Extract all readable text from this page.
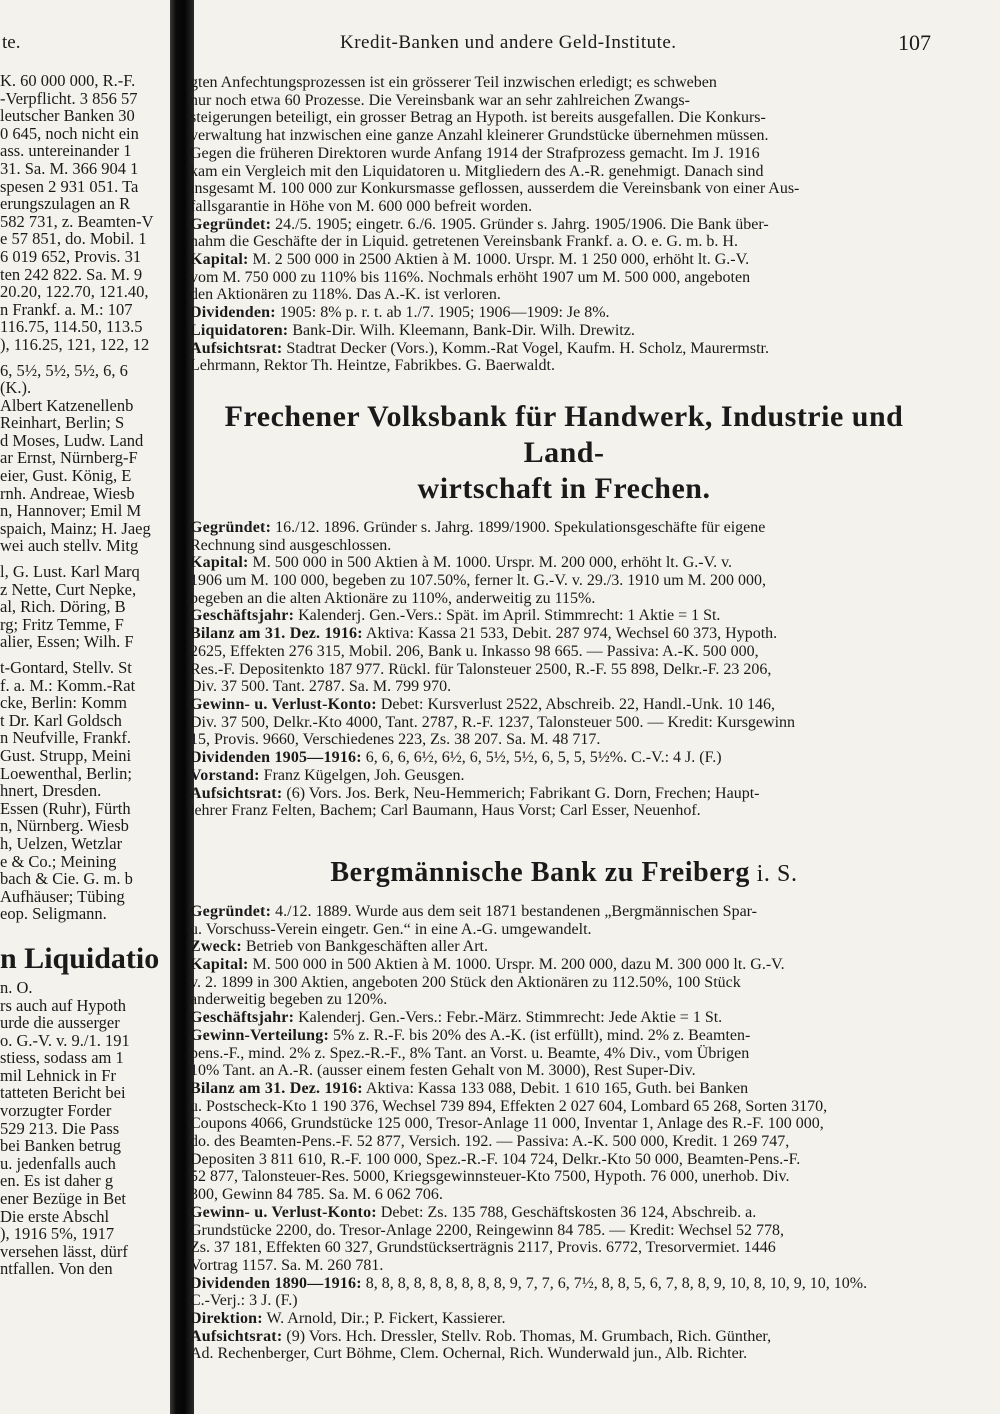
te.	Kredit-Banken und andere Geld-Institute.	107
K. 60 000 000, R.-F.
-Verpflicht. 3 856 57
leutscher Banken 30
0 645, noch nicht ein
ass. untereinander 1
31. Sa. M. 366 904 1
spesen 2 931 051. Ta
erungszulagen an R
582 731, z. Beamten-V
e 57 851, do. Mobil. 1
6 019 652, Provis. 31
ten 242 822. Sa. M. 9
20.20, 122.70, 121.40,
n Frankf. a. M.: 107
116.75, 114.50, 113.5
), 116.25, 121, 122, 12
6, 5½, 5½, 5½, 6, 6
(K.).
Albert Katzenellenb
Reinhart, Berlin; S
d Moses, Ludw. Land
ar Ernst, Nürnberg-F
eier, Gust. König, E
rnh. Andreae, Wiesb
n, Hannover; Emil M
spaich, Mainz; H. Jaeg
wei auch stellv. Mitg
l, G. Lust. Karl Marq
z Nette, Curt Nepke,
al, Rich. Döring, B
rg; Fritz Temme, F
alier, Essen; Wilh. F
t-Gontard, Stellv. St
f. a. M.: Komm.-Rat
cke, Berlin: Komm
t Dr. Karl Goldsch
n Neufville, Frankf.
Gust. Strupp, Meini
Loewenthal, Berlin;
hnert, Dresden.
Essen (Ruhr), Fürth
n, Nürnberg. Wiesb
h, Uelzen, Wetzlar
e & Co.; Meining
bach & Cie. G. m. b
Aufhäuser; Tübing
eop. Seligmann.
n Liquidatio
n. O.
rs auch auf Hypoth
urde die ausserger
o. G.-V. v. 9./1. 191
stiess, sodass am 1
mil Lehnick in Fr
tatteten Bericht bei
vorzugter Forder
529 213. Die Pass
bei Banken betrug
u. jedenfalls auch
en. Es ist daher g
ener Bezüge in Bet
Die erste Abschl
), 1916 5%, 1917
versehen lässt, dürf
ntfallen. Von den

gten Anfechtungsprozessen ist ein grösserer Teil inzwischen erledigt; es schweben
nur noch etwa 60 Prozesse. Die Vereinsbank war an sehr zahlreichen Zwangs-
steigerungen beteiligt, ein grosser Betrag an Hypoth. ist bereits ausgefallen. Die Konkurs-
verwaltung hat inzwischen eine ganze Anzahl kleinerer Grundstücke übernehmen müssen.
Gegen die früheren Direktoren wurde Anfang 1914 der Strafprozess gemacht. Im J. 1916
kam ein Vergleich mit den Liquidatoren u. Mitgliedern des A.-R. genehmigt. Danach sind
insgesamt M. 100 000 zur Konkursmasse geflossen, ausserdem die Vereinsbank von einer Aus-
fallsgarantie in Höhe von M. 600 000 befreit worden.

Gegründet: 24./5. 1905; eingetr. 6./6. 1905. Gründer s. Jahrg. 1905/1906. Die Bank über-
nahm die Geschäfte der in Liquid. getretenen Vereinsbank Frankf. a. O. e. G. m. b. H.

Kapital: M. 2 500 000 in 2500 Aktien à M. 1000. Urspr. M. 1 250 000, erhöht lt. G.-V.
vom M. 750 000 zu 110% bis 116%. Nochmals erhöht 1907 um M. 500 000, angeboten
den Aktionären zu 118%. Das A.-K. ist verloren.

Dividenden: 1905: 8% p. r. t. ab 1./7. 1905; 1906—1909: Je 8%.

Liquidatoren: Bank-Dir. Wilh. Kleemann, Bank-Dir. Wilh. Drewitz.

Aufsichtsrat: Stadtrat Decker (Vors.), Komm.-Rat Vogel, Kaufm. H. Scholz, Maurermstr.
Lehrmann, Rektor Th. Heintze, Fabrikbes. G. Baerwaldt.

Frechener Volksbank für Handwerk, Industrie und Land-
wirtschaft in Frechen.

Gegründet: 16./12. 1896. Gründer s. Jahrg. 1899/1900. Spekulationsgeschäfte für eigene
Rechnung sind ausgeschlossen.

Kapital: M. 500 000 in 500 Aktien à M. 1000. Urspr. M. 200 000, erhöht lt. G.-V. v.
1906 um M. 100 000, begeben zu 107.50%, ferner lt. G.-V. v. 29./3. 1910 um M. 200 000,
begeben an die alten Aktionäre zu 110%, anderweitig zu 115%.

Geschäftsjahr: Kalenderj. Gen.-Vers.: Spät. im April. Stimmrecht: 1 Aktie = 1 St.

Bilanz am 31. Dez. 1916: Aktiva: Kassa 21 533, Debit. 287 974, Wechsel 60 373, Hypoth.
2625, Effekten 276 315, Mobil. 206, Bank u. Inkasso 98 665. — Passiva: A.-K. 500 000,
Res.-F. Depositenkto 187 977. Rückl. für Talonsteuer 2500, R.-F. 55 898, Delkr.-F. 23 206,
Div. 37 500. Tant. 2787. Sa. M. 799 970.

Gewinn- u. Verlust-Konto: Debet: Kursverlust 2522, Abschreib. 22, Handl.-Unk. 10 146,
Div. 37 500, Delkr.-Kto 4000, Tant. 2787, R.-F. 1237, Talonsteuer 500. — Kredit: Kursgewinn
15, Provis. 9660, Verschiedenes 223, Zs. 38 207. Sa. M. 48 717.

Dividenden 1905—1916: 6, 6, 6, 6½, 6½, 6, 5½, 5½, 6, 5, 5, 5½%. C.-V.: 4 J. (F.)

Vorstand: Franz Kügelgen, Joh. Geusgen.

Aufsichtsrat: (6) Vors. Jos. Berk, Neu-Hemmerich; Fabrikant G. Dorn, Frechen; Haupt-
lehrer Franz Felten, Bachem; Carl Baumann, Haus Vorst; Carl Esser, Neuenhof.

Bergmännische Bank zu Freiberg i. S.

Gegründet: 4./12. 1889. Wurde aus dem seit 1871 bestandenen „Bergmännischen Spar-
u. Vorschuss-Verein eingetr. Gen.“ in eine A.-G. umgewandelt.

Zweck: Betrieb von Bankgeschäften aller Art.

Kapital: M. 500 000 in 500 Aktien à M. 1000. Urspr. M. 200 000, dazu M. 300 000 lt. G.-V.
v. 2. 1899 in 300 Aktien, angeboten 200 Stück den Aktionären zu 112.50%, 100 Stück
anderweitig begeben zu 120%.

Geschäftsjahr: Kalenderj. Gen.-Vers.: Febr.-März. Stimmrecht: Jede Aktie = 1 St.

Gewinn-Verteilung: 5% z. R.-F. bis 20% des A.-K. (ist erfüllt), mind. 2% z. Beamten-
pens.-F., mind. 2% z. Spez.-R.-F., 8% Tant. an Vorst. u. Beamte, 4% Div., vom Übrigen
10% Tant. an A.-R. (ausser einem festen Gehalt von M. 3000), Rest Super-Div.

Bilanz am 31. Dez. 1916: Aktiva: Kassa 133 088, Debit. 1 610 165, Guth. bei Banken
u. Postscheck-Kto 1 190 376, Wechsel 739 894, Effekten 2 027 604, Lombard 65 268, Sorten 3170,
Coupons 4066, Grundstücke 125 000, Tresor-Anlage 11 000, Inventar 1, Anlage des R.-F. 100 000,
do. des Beamten-Pens.-F. 52 877, Versich. 192. — Passiva: A.-K. 500 000, Kredit. 1 269 747,
Depositen 3 811 610, R.-F. 100 000, Spez.-R.-F. 104 724, Delkr.-Kto 50 000, Beamten-Pens.-F.
52 877, Talonsteuer-Res. 5000, Kriegsgewinnsteuer-Kto 7500, Hypoth. 76 000, unerhob. Div.
300, Gewinn 84 785. Sa. M. 6 062 706.

Gewinn- u. Verlust-Konto: Debet: Zs. 135 788, Geschäftskosten 36 124, Abschreib. a.
Grundstücke 2200, do. Tresor-Anlage 2200, Reingewinn 84 785. — Kredit: Wechsel 52 778,
Zs. 37 181, Effekten 60 327, Grundstückserträgnis 2117, Provis. 6772, Tresorvermiet. 1446
Vortrag 1157. Sa. M. 260 781.

Dividenden 1890—1916: 8, 8, 8, 8, 8, 8, 8, 8, 8, 9, 7, 7, 6, 7½, 8, 8, 5, 6, 7, 8, 8, 9, 10, 8, 10, 9, 10, 10%.
C.-Verj.: 3 J. (F.)

Direktion: W. Arnold, Dir.; P. Fickert, Kassierer.

Aufsichtsrat: (9) Vors. Hch. Dressler, Stellv. Rob. Thomas, M. Grumbach, Rich. Günther,
Ad. Rechenberger, Curt Böhme, Clem. Ochernal, Rich. Wunderwald jun., Alb. Richter.
